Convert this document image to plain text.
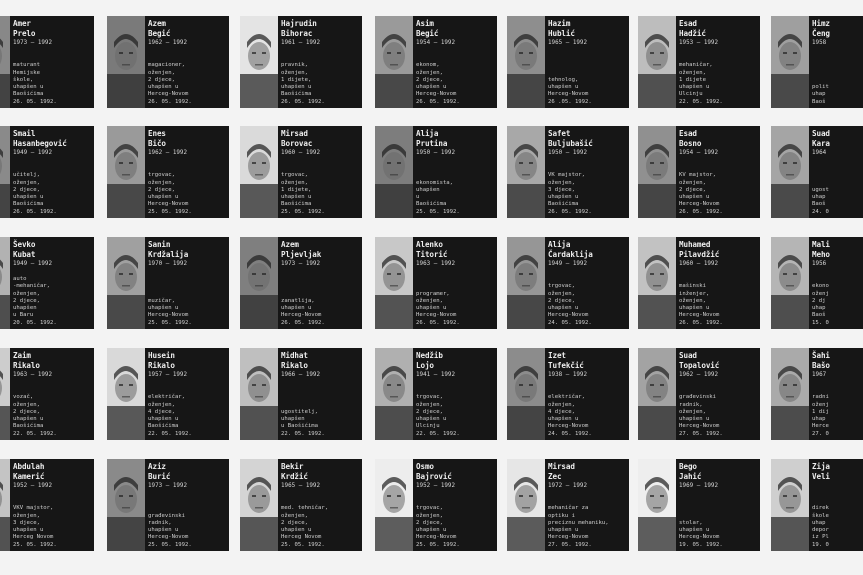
Amer
Prelo
1973 – 1992
maturant
Hemijske
škole,
uhapšen u
Baošićima
26. 05. 1992.
Azem
Begić
1962 – 1992
magacioner,
oženjen,
2 djece,
uhapšen u
Herceg-Novom
26. 05. 1992.
Hajrudin
Bihorac
1961 – 1992
pravnik,
oženjen,
1 dijete,
uhapšen u
Baošićima
26. 05. 1992.
Asim
Begić
1954 – 1992
ekonom,
oženjen,
2 djece,
uhapšen u
Herceg-Novom
26. 05. 1992.
Hazim
Hublić
1965 – 1992
tehnolog,
uhapšen u
Herceg-Novom
26 .05. 1992.
Esad
Hadžić
1953 – 1992
mehaničar,
oženjen,
1 dijete
uhapšen u
Ulcinju
22. 05. 1992.
Himz
Čeng
1958
polit
uhap
Baoš
Smail
Hasanbegović
1949 – 1992
učitelj,
oženjen,
2 djece,
uhapšen u
Baošićima
26. 05. 1992.
Enes
Bičo
1962 – 1992
trgovac,
oženjen,
2 djece,
uhapšen u
Herceg-Novom
25. 05. 1992.
Mirsad
Borovac
1960 – 1992
trgovac,
oženjen,
1 dijete,
uhapšen u
Baošićima
25. 05. 1992.
Alija
Prutina
1950 – 1992
ekonomista,
uhapšen
u
Baošićima
25. 05. 1992.
Safet
Buljubašić
1950 – 1992
VK majstor,
oženjen,
3 djece,
uhapšen u
Baošićima
26. 05. 1992.
Esad
Bosno
1954 – 1992
KV majstor,
oženjen,
2 djece,
uhapšen u
Herceg-Novom
26. 05. 1992.
Suad
Kara
1964
ugost
uhap
Baoš
24. 0
Ševko
Kubat
1949 – 1992
auto
-mehaničar,
oženjen,
2 djece,
uhapšen
u Baru
20. 05. 1992.
Sanin
Krdžalija
1970 – 1992
muzičar,
uhapšen u
Herceg-Novom
25. 05. 1992.
Azem
Pljevljak
1973 – 1992
zanatlija,
uhapšen u
Herceg-Novom
26. 05. 1992.
Alenko
Titorić
1963 – 1992
programer,
oženjen,
uhapšen u
Herceg-Novom
26. 05. 1992.
Alija
Čardaklija
1949 – 1992
trgovac,
oženjen,
2 djece,
uhapšen u
Herceg-Novom
24. 05. 1992.
Muhamed
Pilavdžić
1960 – 1992
mašinski
inženjer,
oženjen,
uhapšen u
Herceg-Novom
26. 05. 1992.
Mali
Meho
1956
ekono
oženj
2 dj
uhap
Baoš
15. 0
Zaim
Rikalo
1963 – 1992
vozač,
oženjen,
2 djece,
uhapšen u
Baošićima
22. 05. 1992.
Husein
Rikalo
1957 – 1992
električar,
oženjen,
4 djece,
uhapšen u
Baošićima
22. 05. 1992.
Midhat
Rikalo
1966 – 1992
ugostitelj,
uhapšen
u Baošićima
22. 05. 1992.
Nedžib
Lojo
1941 – 1992
trgovac,
oženjen,
2 djece,
uhapšen u
Ulcinju
22. 05. 1992.
Izet
Tufekčić
1938 – 1992
električar,
oženjen,
4 djece,
uhapšen u
Herceg-Novom
24. 05. 1992.
Suad
Topalović
1962 – 1992
građevinski
radnik,
oženjen,
uhapšen u
Herceg-Novom
27. 05. 1992.
Šahi
Bašo
1967
radni
oženj
1 dij
uhap
Herce
27. 0
Abdulah
Kamerić
1952 – 1992
VKV majstor,
oženjen,
3 djece,
uhapšen u
Herceg Novom
25. 05. 1992.
Aziz
Burić
1973 – 1992
građevinski
radnik,
uhapšen u
Herceg-Novom
25. 05. 1992.
Bekir
Krdžić
1965 – 1992
med. tehničar,
oženjen,
2 djece,
uhapšen u
Herceg Novom
25. 05. 1992.
Osmo
Bajrović
1952 – 1992
trgovac,
oženjen,
2 djece,
uhapšen u
Herceg-Novom
25. 05. 1992.
Mirsad
Zec
1972 – 1992
mehaničar za
optiku i
preciznu mehaniku,
uhapšen u
Herceg-Novom
27. 05. 1992.
Bego
Jahić
1969 – 1992
stolar,
uhapšen u
Herceg-Novom
19. 05. 1992.
Zija
Veli
direk
škole
uhap
depor
iz Pl
19. 0
